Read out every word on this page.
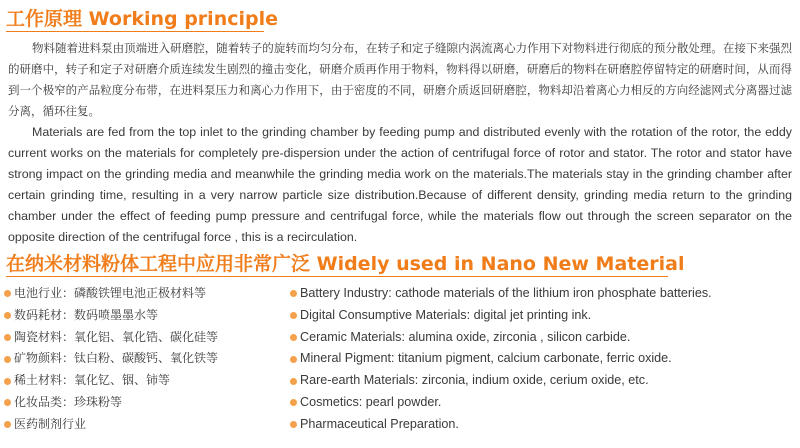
工作原理 Working principle

物料随着进料泵由顶端进入研磨腔，随着转子的旋转而均匀分布，在转子和定子缝隙内涡流离心力作用下对物料进行彻底的预分散处理。在接下来强烈的研磨中，转子和定子对研磨介质连续发生剧烈的撞击变化，研磨介质再作用于物料，物料得以研磨，研磨后的物料在研磨腔停留特定的研磨时间，从而得到一个极窄的产品粒度分布带，在进料泵压力和离心力作用下，由于密度的不同，研磨介质返回研磨腔，物料却沿着离心力相反的方向经滤网式分离器过滤分离，循环往复。

Materials are fed from the top inlet to the grinding chamber by feeding pump and distributed evenly with the rotation of the rotor, the eddy current works on the materials for completely pre-dispersion under the action of centrifugal force of rotor and stator. The rotor and stator have strong impact on the grinding media and meanwhile the grinding media work on the materials.The materials stay in the grinding chamber after certain grinding time, resulting in a very narrow particle size distribution.Because of different density, grinding media return to the grinding chamber under the effect of feeding pump pressure and centrifugal force, while the materials flow out through the screen separator on the opposite direction of the centrifugal force , this is a recirculation.

在纳米材料粉体工程中应用非常广泛 Widely used in Nano New Material
电池行业：磷酸铁锂电池正极材料等
数码耗材：数码喷墨墨水等
陶瓷材料：氧化铝、氧化锆、碳化硅等
矿物颜料：钛白粉、碳酸钙、氧化铁等
稀土材料：氧化钇、铟、铈等
化妆品类：珍珠粉等
医药制剂行业
Battery Industry: cathode materials of the lithium iron phosphate batteries.
Digital Consumptive Materials: digital jet printing ink.
Ceramic Materials: alumina oxide, zirconia , silicon carbide.
Mineral Pigment: titanium pigment, calcium carbonate, ferric oxide.
Rare-earth Materials: zirconia, indium oxide, cerium oxide, etc.
Cosmetics: pearl powder.
Pharmaceutical Preparation.
